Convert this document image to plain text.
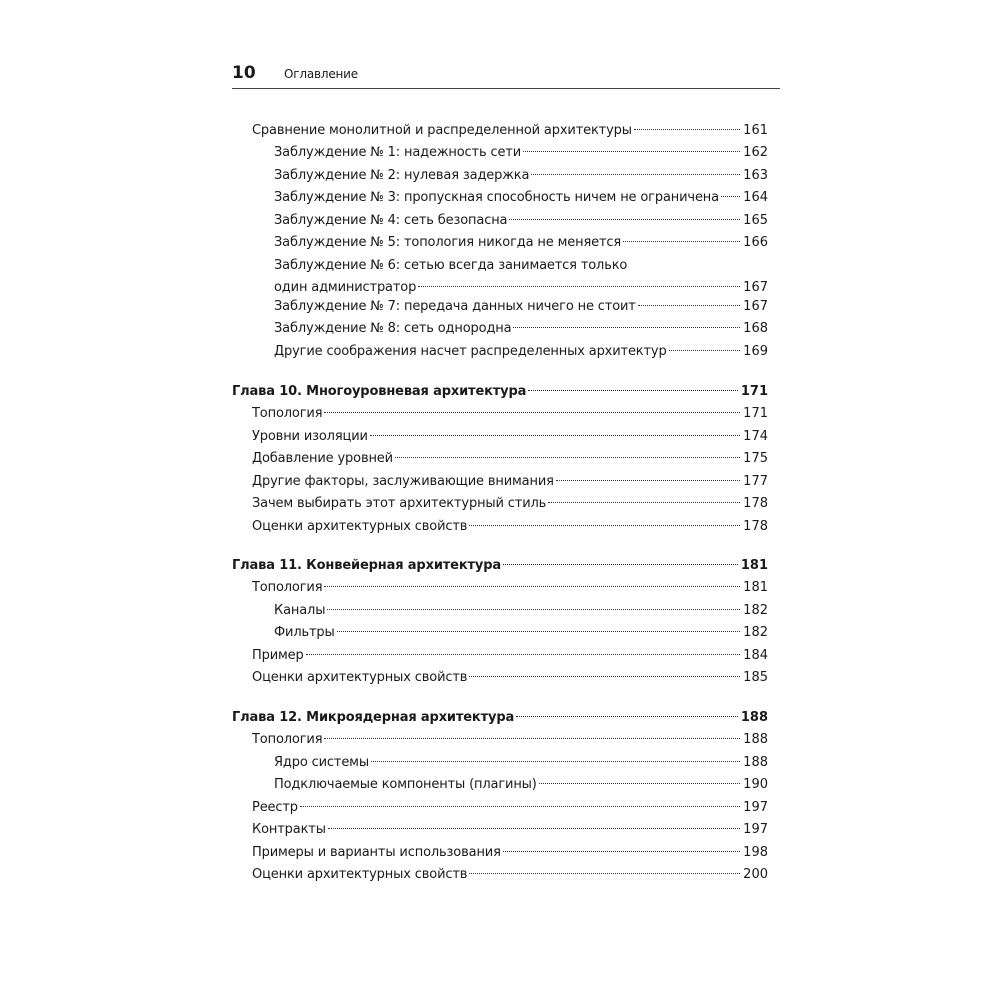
10 Оглавление
Сравнение монолитной и распределенной архитектуры	161
Заблуждение № 1: надежность сети	162
Заблуждение № 2: нулевая задержка	163
Заблуждение № 3: пропускная способность ничем не ограничена 164
Заблуждение № 4: сеть безопасна	165
Заблуждение № 5: топология никогда не меняется	166
Заблуждение № 6: сетью всегда занимается только
один администратор	167
Заблуждение № 7: передача данных ничего не стоит	167
Заблуждение № 8: сеть однородна	168
Другие соображения насчет распределенных архитектур	169
Глава 10. Многоуровневая архитектура	171
Топология	171
Уровни изоляции	174
Добавление уровней	175
Другие факторы, заслуживающие внимания	177
Зачем выбирать этот архитектурный стиль	178
Оценки архитектурных свойств	178
Глава 11. Конвейерная архитектура	181
Топология	181
Каналы	182
Фильтры	182
Пример	184
Оценки архитектурных свойств	185
Глава 12. Микроядерная архитектура	188
Топология	188
Ядро системы	188
Подключаемые компоненты (плагины)	190
Реестр	197
Контракты	197
Примеры и варианты использования	198
Оценки архитектурных свойств	200
